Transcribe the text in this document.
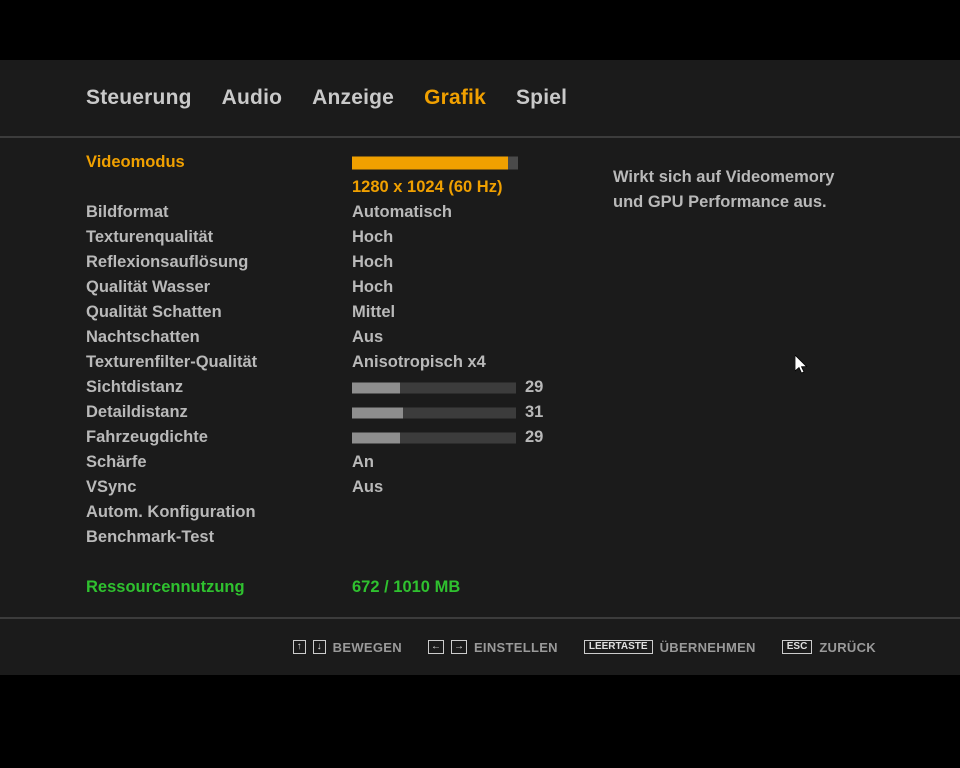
Steuerung Audio Anzeige Grafik Spiel
Wirkt sich auf Videomemory
und GPU Performance aus.
Videomodus
1280 x 1024 (60 Hz)
Bildformat	Automatisch
Texturenqualität	Hoch
Reflexionsauflösung	Hoch
Qualität Wasser	Hoch
Qualität Schatten	Mittel
Nachtschatten	Aus
Texturenfilter-Qualität	Anisotropisch x4
Sichtdistanz	29
Detaildistanz	31
Fahrzeugdichte	29
Schärfe	An
VSync	Aus
Autom. Konfiguration
Benchmark-Test
Ressourcennutzung	672 / 1010 MB
↑	↓ BEWEGEN	←	→ EINSTELLEN	LEERTASTE ÜBERNEHMEN	ESC ZURÜCK
